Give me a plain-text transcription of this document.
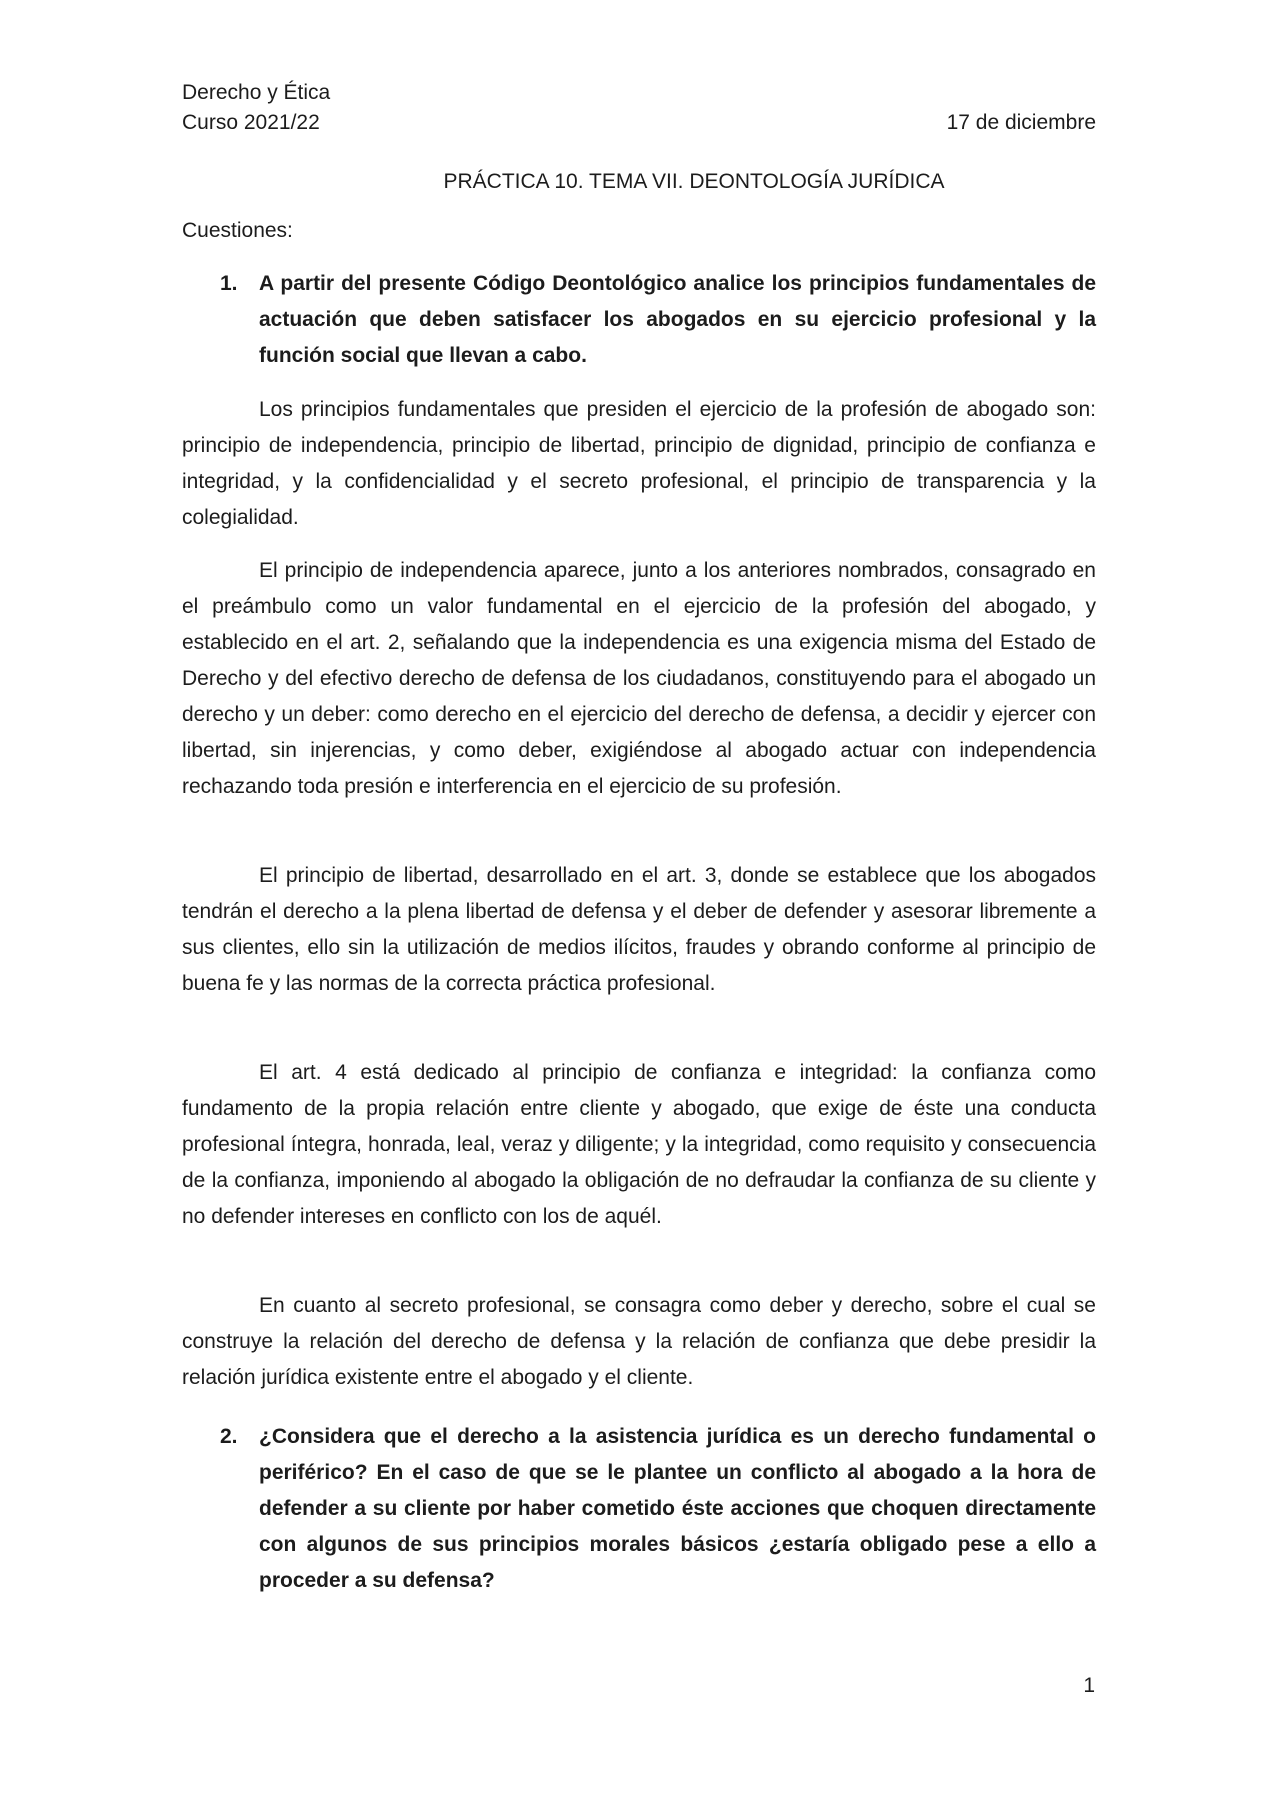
Derecho y Ética
Curso 2021/22	17 de diciembre
PRÁCTICA 10. TEMA VII. DEONTOLOGÍA JURÍDICA
Cuestiones:
1. A partir del presente Código Deontológico analice los principios fundamentales de actuación que deben satisfacer los abogados en su ejercicio profesional y la función social que llevan a cabo.

Los principios fundamentales que presiden el ejercicio de la profesión de abogado son: principio de independencia, principio de libertad, principio de dignidad, principio de confianza e integridad, y la confidencialidad y el secreto profesional, el principio de transparencia y la colegialidad.

El principio de independencia aparece, junto a los anteriores nombrados, consagrado en el preámbulo como un valor fundamental en el ejercicio de la profesión del abogado, y establecido en el art. 2, señalando que la independencia es una exigencia misma del Estado de Derecho y del efectivo derecho de defensa de los ciudadanos, constituyendo para el abogado un derecho y un deber: como derecho en el ejercicio del derecho de defensa, a decidir y ejercer con libertad, sin injerencias, y como deber, exigiéndose al abogado actuar con independencia rechazando toda presión e interferencia en el ejercicio de su profesión.

El principio de libertad, desarrollado en el art. 3, donde se establece que los abogados tendrán el derecho a la plena libertad de defensa y el deber de defender y asesorar libremente a sus clientes, ello sin la utilización de medios ilícitos, fraudes y obrando conforme al principio de buena fe y las normas de la correcta práctica profesional.

El art. 4 está dedicado al principio de confianza e integridad: la confianza como fundamento de la propia relación entre cliente y abogado, que exige de éste una conducta profesional íntegra, honrada, leal, veraz y diligente; y la integridad, como requisito y consecuencia de la confianza, imponiendo al abogado la obligación de no defraudar la confianza de su cliente y no defender intereses en conflicto con los de aquél.

En cuanto al secreto profesional, se consagra como deber y derecho, sobre el cual se construye la relación del derecho de defensa y la relación de confianza que debe presidir la relación jurídica existente entre el abogado y el cliente.

2. ¿Considera que el derecho a la asistencia jurídica es un derecho fundamental o periférico? En el caso de que se le plantee un conflicto al abogado a la hora de defender a su cliente por haber cometido éste acciones que choquen directamente con algunos de sus principios morales básicos ¿estaría obligado pese a ello a proceder a su defensa?
1
